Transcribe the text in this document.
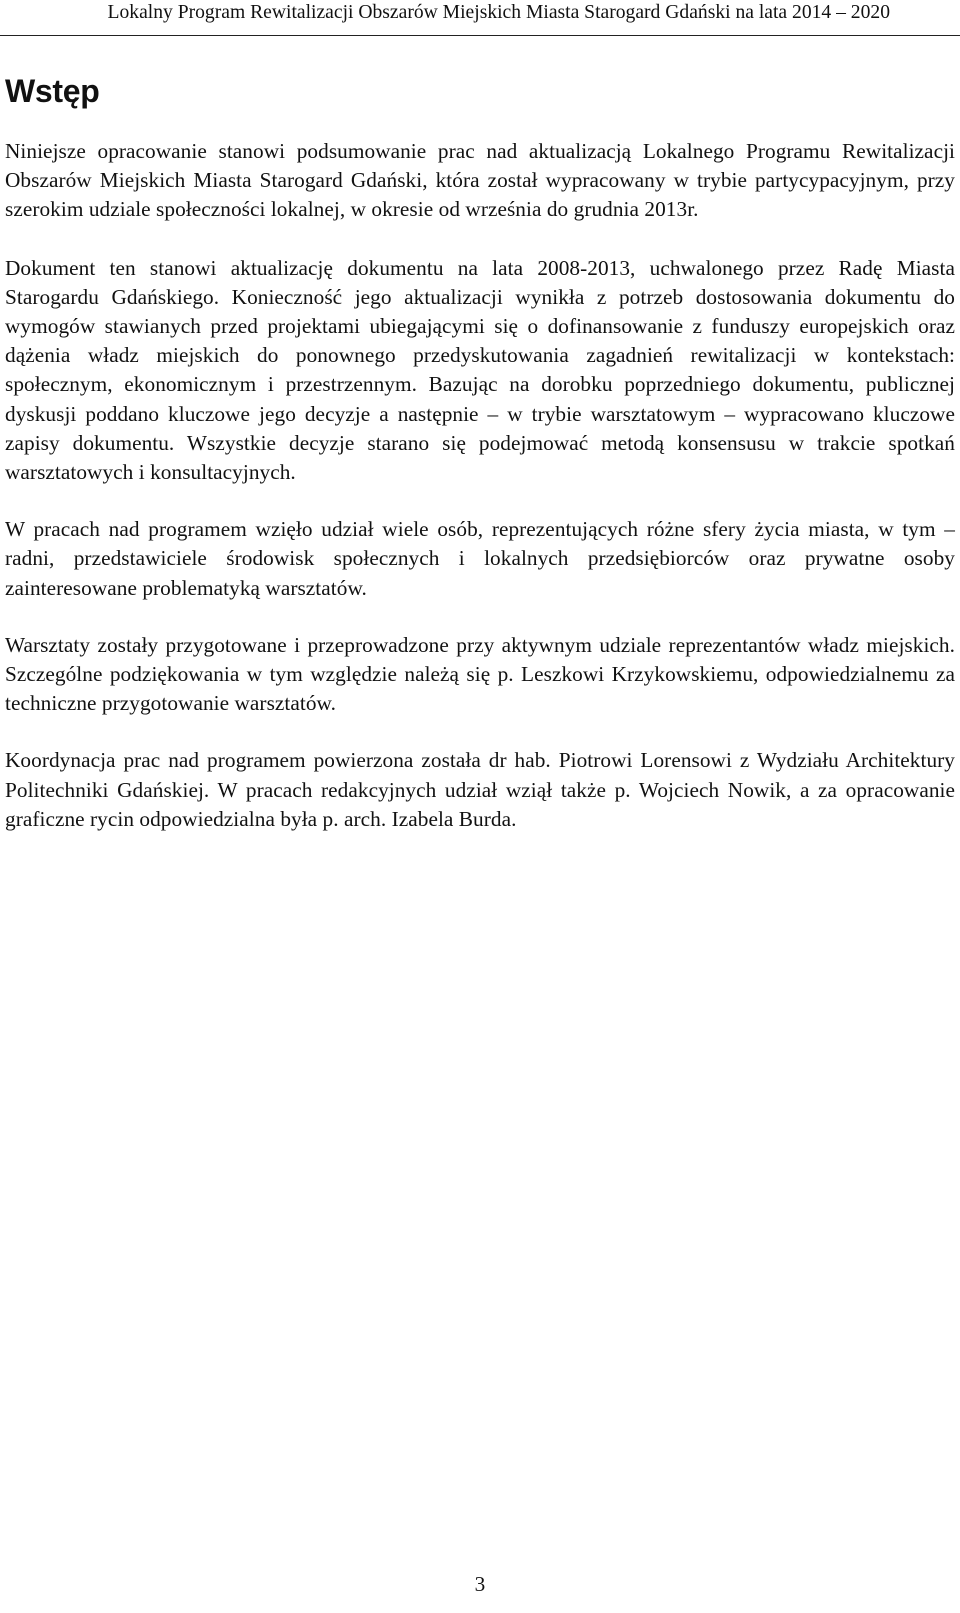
Lokalny Program Rewitalizacji Obszarów Miejskich Miasta Starogard Gdański na lata 2014 – 2020
Wstęp

Niniejsze opracowanie stanowi podsumowanie prac nad aktualizacją Lokalnego Programu Rewitalizacji Obszarów Miejskich Miasta Starogard Gdański, która został wypracowany w trybie partycypacyjnym, przy szerokim udziale społeczności lokalnej, w okresie od września do grudnia 2013r.

Dokument ten stanowi aktualizację dokumentu na lata 2008-2013, uchwalonego przez Radę Miasta Starogardu Gdańskiego. Konieczność jego aktualizacji wynikła z potrzeb dostosowania dokumentu do wymogów stawianych przed projektami ubiegającymi się o dofinansowanie z funduszy europejskich oraz dążenia władz miejskich do ponownego przedyskutowania zagadnień rewitalizacji w kontekstach: społecznym, ekonomicznym i przestrzennym. Bazując na dorobku poprzedniego dokumentu, publicznej dyskusji poddano kluczowe jego decyzje a następnie – w trybie warsztatowym – wypracowano kluczowe zapisy dokumentu. Wszystkie decyzje starano się podejmować metodą konsensusu w trakcie spotkań warsztatowych i konsultacyjnych.

W pracach nad programem wzięło udział wiele osób, reprezentujących różne sfery życia miasta, w tym – radni, przedstawiciele środowisk społecznych i lokalnych przedsiębiorców oraz prywatne osoby zainteresowane problematyką warsztatów.

Warsztaty zostały przygotowane i przeprowadzone przy aktywnym udziale reprezentantów władz miejskich. Szczególne podziękowania w tym względzie należą się p. Leszkowi Krzykowskiemu, odpowiedzialnemu za techniczne przygotowanie warsztatów.

Koordynacja prac nad programem powierzona została dr hab. Piotrowi Lorensowi z Wydziału Architektury Politechniki Gdańskiej. W pracach redakcyjnych udział wziął także p. Wojciech Nowik, a za opracowanie graficzne rycin odpowiedzialna była p. arch. Izabela Burda.

3
